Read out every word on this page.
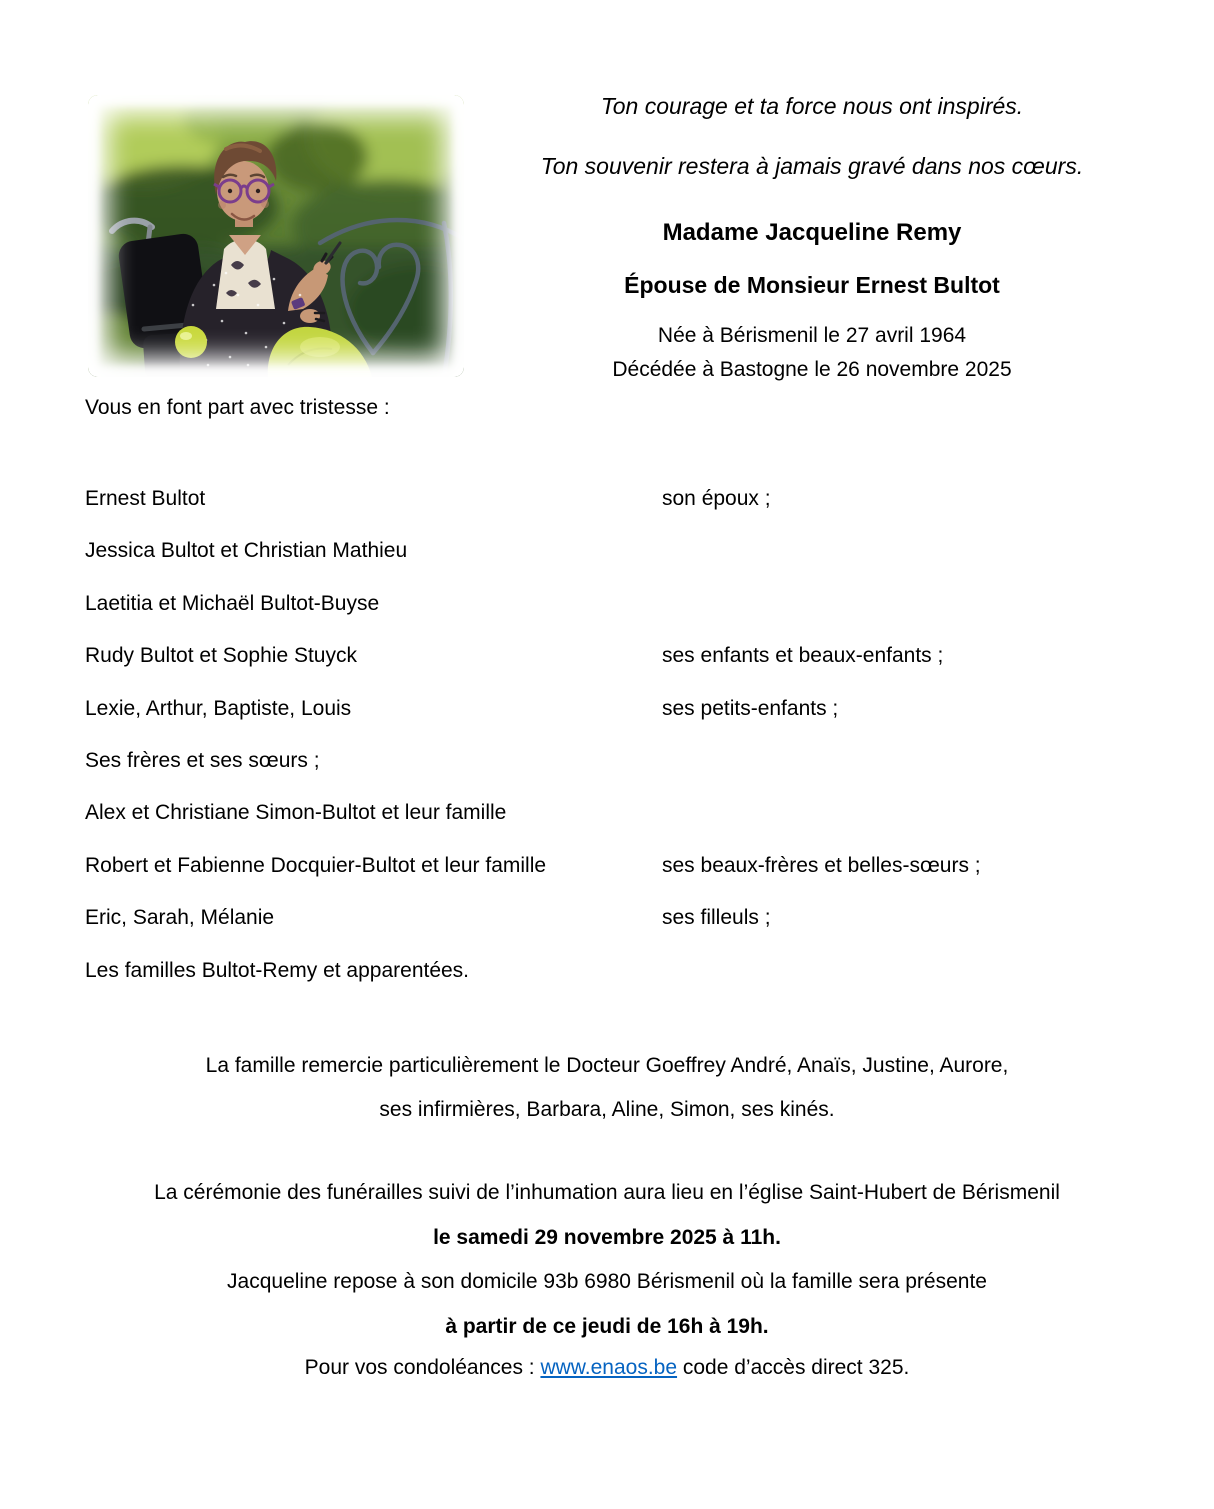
Ton courage et ta force nous ont inspirés.
Ton souvenir restera à jamais gravé dans nos cœurs.
Madame Jacqueline Remy
Épouse de Monsieur Ernest Bultot
Née à Bérismenil le 27 avril 1964
Décédée à Bastogne le 26 novembre 2025
Vous en font part avec tristesse :
Ernest Bultot	son époux ;
Jessica Bultot et Christian Mathieu
Laetitia et Michaël Bultot-Buyse
Rudy Bultot et Sophie Stuyck	ses enfants et beaux-enfants ;
Lexie, Arthur, Baptiste, Louis	ses petits-enfants ;
Ses frères et ses sœurs ;
Alex et Christiane Simon-Bultot et leur famille
Robert et Fabienne Docquier-Bultot et leur famille	ses beaux-frères et belles-sœurs ;
Eric, Sarah, Mélanie	ses filleuls ;
Les familles Bultot-Remy et apparentées.
La famille remercie particulièrement le Docteur Goeffrey André, Anaïs, Justine, Aurore,
ses infirmières, Barbara, Aline, Simon, ses kinés.
La cérémonie des funérailles suivi de l’inhumation aura lieu en l’église Saint-Hubert de Bérismenil
le samedi 29 novembre 2025 à 11h.
Jacqueline repose à son domicile 93b 6980 Bérismenil où la famille sera présente
à partir de ce jeudi de 16h à 19h.
Pour vos condoléances : www.enaos.be code d’accès direct 325.
